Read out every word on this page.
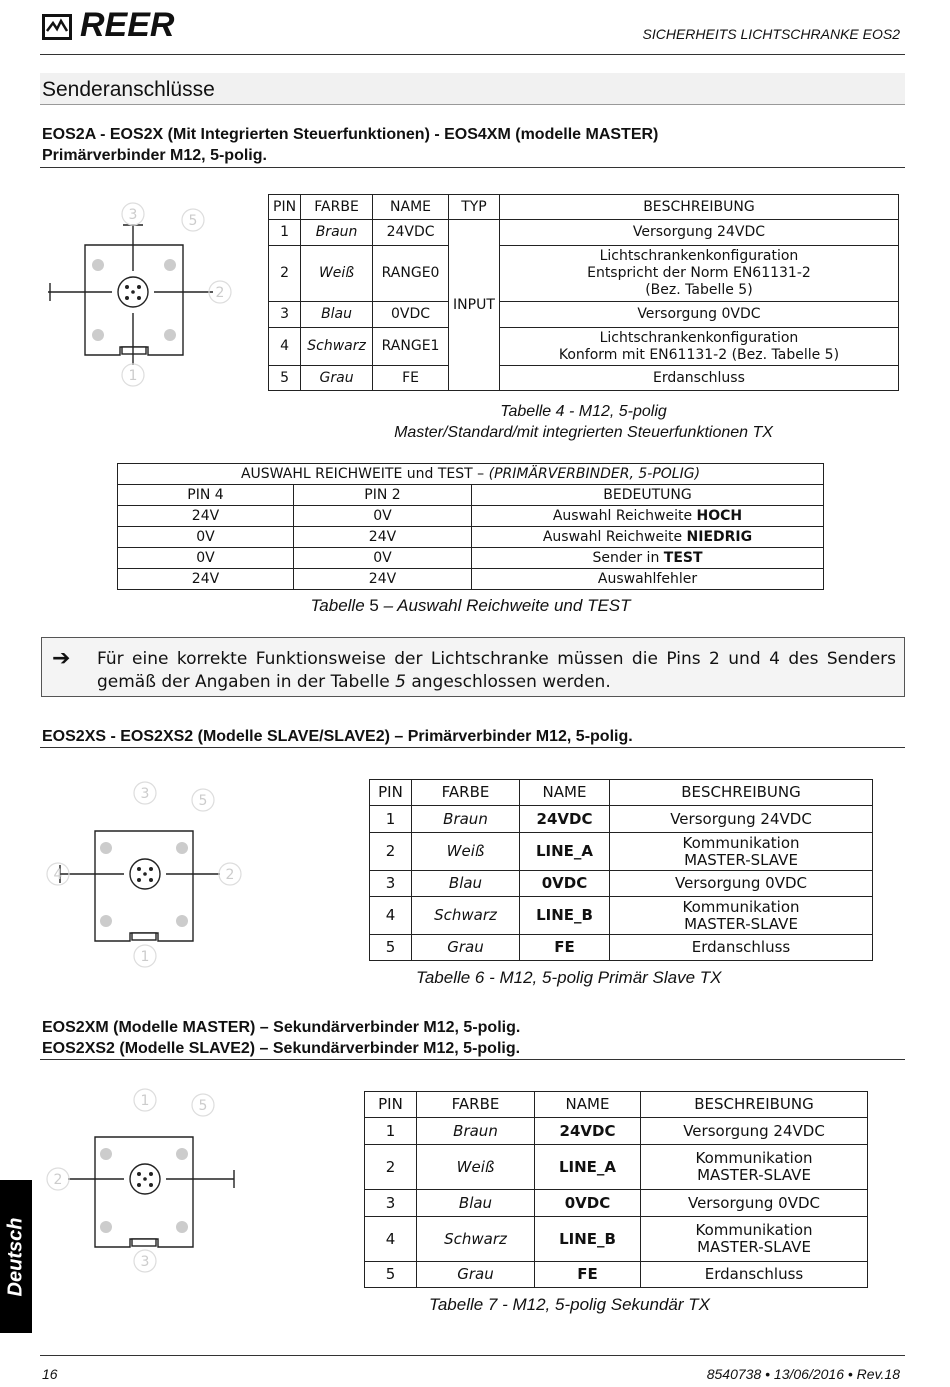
REER	SICHERHEITS LICHTSCHRANKE EOS2
Senderanschlüsse
EOS2A - EOS2X (Mit Integrierten Steuerfunktionen) - EOS4XM (modelle MASTER)
Primärverbinder M12, 5-polig.
3	5
2
1
PIN	FARBE	NAME	TYP	BESCHREIBUNG
1	Braun	24VDC	INPUT	Versorgung 24VDC
2	Weiß	RANGE0		Lichtschrankenkonfiguration
Entspricht der Norm EN61131-2
(Bez. Tabelle 5)

3	Blau	0VDC		Versorgung 0VDC
4	Schwarz	RANGE1		Lichtschrankenkonfiguration
Konform mit EN61131-2 (Bez. Tabelle 5)

5	Grau	FE		Erdanschluss
Tabelle 4 - M12, 5-polig
Master/Standard/mit integrierten Steuerfunktionen TX
AUSWAHL REICHWEITE und TEST – (PRIMÄRVERBINDER, 5-POLIG)		
PIN 4	PIN 2	BEDEUTUNG
24V	0V	Auswahl Reichweite HOCH
0V	24V	Auswahl Reichweite NIEDRIG
0V	0V	Sender in TEST
24V	24V	Auswahlfehler
Tabelle 5 – Auswahl Reichweite und TEST
➔ Für eine korrekte Funktionsweise der Lichtschranke müssen die Pins 2 und 4 des Senders gemäß der Angaben in der Tabelle 5 angeschlossen werden.
EOS2XS - EOS2XS2 (Modelle SLAVE/SLAVE2) – Primärverbinder M12, 5-polig.
3	5
4	2
1
PIN	FARBE	NAME	BESCHREIBUNG
1	Braun	24VDC	Versorgung 24VDC
2	Weiß	LINE_A	Kommunikation
MASTER-SLAVE

3	Blau	0VDC	Versorgung 0VDC
4	Schwarz	LINE_B	Kommunikation
MASTER-SLAVE

5	Grau	FE	Erdanschluss
Tabelle 6 - M12, 5-polig Primär Slave TX
EOS2XM (Modelle MASTER) – Sekundärverbinder M12, 5-polig.
EOS2XS2 (Modelle SLAVE2) – Sekundärverbinder M12, 5-polig.
1	5
2
3
PIN	FARBE	NAME	BESCHREIBUNG
1	Braun	24VDC	Versorgung 24VDC
2	Weiß	LINE_A	Kommunikation
MASTER-SLAVE

3	Blau	0VDC	Versorgung 0VDC
4	Schwarz	LINE_B	Kommunikation
MASTER-SLAVE

5	Grau	FE	Erdanschluss
Tabelle 7 - M12, 5-polig Sekundär TX
Deutsch
16	8540738 • 13/06/2016 • Rev.18
